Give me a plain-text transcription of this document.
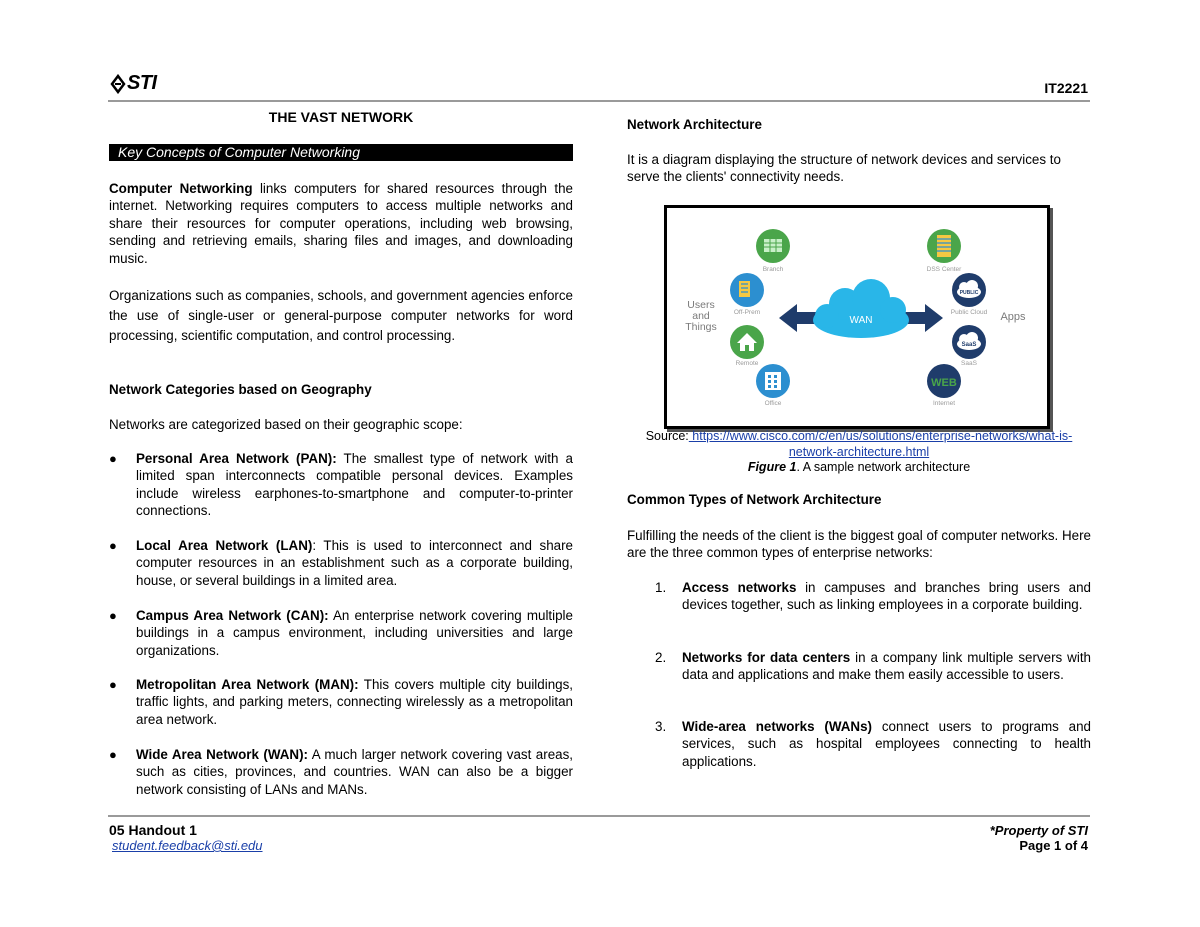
STI	IT2221
THE VAST NETWORK
Key Concepts of Computer Networking

Computer Networking links computers for shared resources through the internet. Networking requires computers to access multiple networks and share their resources for computer operations, including web browsing, sending and retrieving emails, sharing files and images, and downloading music.

Organizations such as companies, schools, and government agencies enforce the use of single-user or general-purpose computer networks for word processing, scientific computation, and control processing.

Network Categories based on Geography
Networks are categorized based on their geographic scope:
● Personal Area Network (PAN): The smallest type of network with a limited span interconnects compatible personal devices. Examples include wireless earphones-to-smartphone and computer-to-printer connections.
● Local Area Network (LAN): This is used to interconnect and share computer resources in an establishment such as a corporate building, house, or several buildings in a limited area.
● Campus Area Network (CAN): An enterprise network covering multiple buildings in a campus environment, including universities and large organizations.
● Metropolitan Area Network (MAN): This covers multiple city buildings, traffic lights, and parking meters, connecting wirelessly as a metropolitan area network.
● Wide Area Network (WAN): A much larger network covering vast areas, such as cities, provinces, and countries. WAN can also be a bigger network consisting of LANs and MANs.
Network Architecture
It is a diagram displaying the structure of network devices and services to serve the clients' connectivity needs.
Users and Things
Apps
WAN
Branch
Off-Prem
Remote
Office
DSS Center
PUBLIC
Public Cloud
SaaS
SaaS
WEB
Internet
Source: https://www.cisco.com/c/en/us/solutions/enterprise-networks/what-is-network-architecture.html
Figure 1. A sample network architecture
Common Types of Network Architecture

Fulfilling the needs of the client is the biggest goal of computer networks. Here are the three common types of enterprise networks:

1. Access networks in campuses and branches bring users and devices together, such as linking employees in a corporate building.
2. Networks for data centers in a company link multiple servers with data and applications and make them easily accessible to users.
3. Wide-area networks (WANs) connect users to programs and services, such as hospital employees connecting to health applications.
05 Handout 1
student.feedback@sti.edu
*Property of STI
Page 1 of 4
